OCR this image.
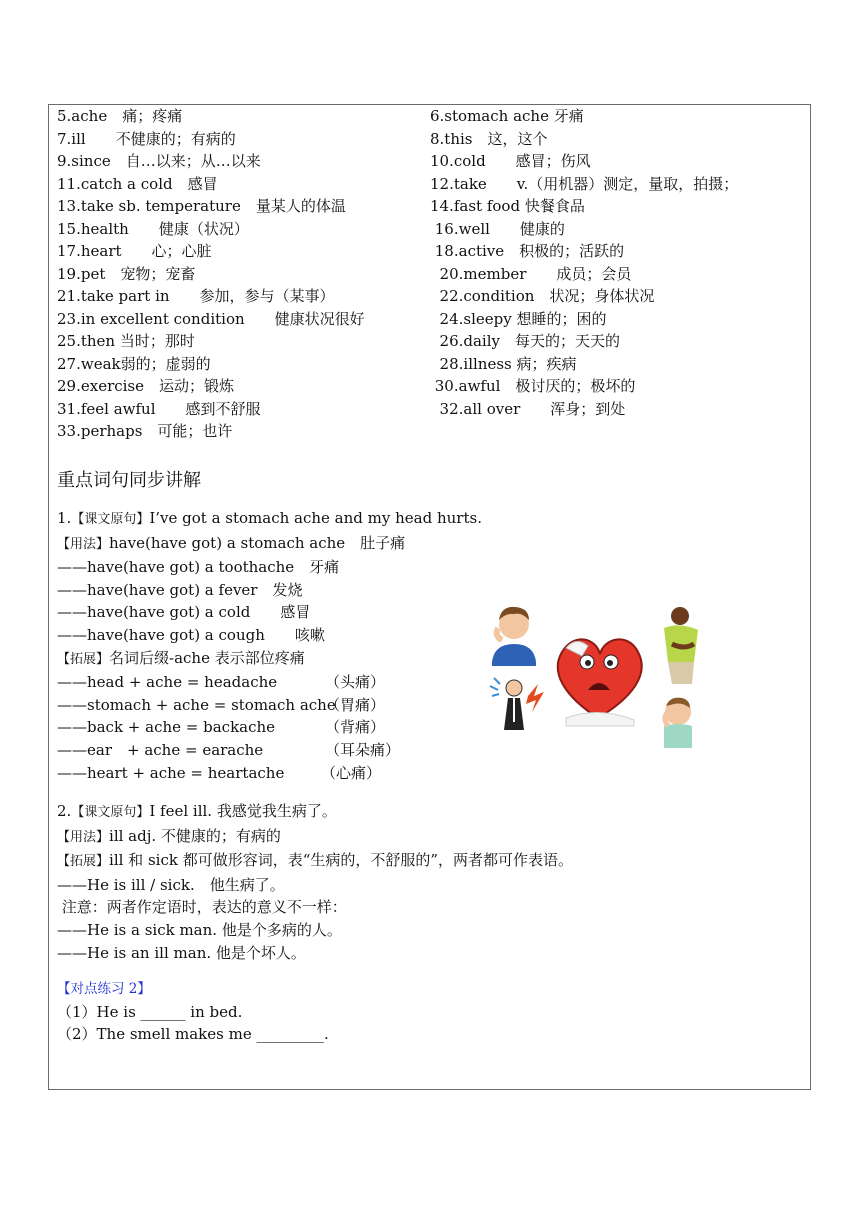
5.ache　痛；疼痛	6.stomach ache 牙痛
7.ill　　不健康的；有病的	8.this　这，这个
9.since　自…以来；从…以来	10.cold　　感冒；伤风
11.catch a cold　感冒	12.take　　v.（用机器）测定，量取，拍摄；
13.take sb. temperature　量某人的体温	14.fast food 快餐食品
15.health　　健康（状况）	16.well　　健康的
17.heart　　心；心脏	18.active　积极的；活跃的
19.pet　宠物；宠畜	20.member　　成员；会员
21.take part in　　参加，参与（某事）	22.condition　状况；身体状况
23.in excellent condition　　健康状况很好	24.sleepy 想睡的；困的
25.then 当时；那时	26.daily　每天的；天天的
27.weak弱的；虚弱的	28.illness 病；疾病
29.exercise　运动；锻炼	30.awful　极讨厌的；极坏的
31.feel awful　　感到不舒服	32.all over　　浑身；到处
33.perhaps　可能；也许
重点词句同步讲解
1.【课文原句】I’ve got a stomach ache and my head hurts.
【用法】have(have got) a stomach ache　肚子痛
——have(have got) a toothache　牙痛
——have(have got) a fever　发烧
——have(have got) a cold　　感冒
——have(have got) a cough　　咳嗽
【拓展】名词后缀-ache 表示部位疼痛
——head + ache = headache	（头痛）
——stomach + ache = stomach ache（胃痛）
——back + ache = backache	（背痛）
——ear　+ ache = earache	（耳朵痛）
——heart + ache = heartache （心痛）
2.【课文原句】I feel ill. 我感觉我生病了。
【用法】ill adj. 不健康的；有病的
【拓展】ill 和 sick 都可做形容词，表“生病的，不舒服的”，两者都可作表语。
——He is ill / sick.　他生病了。
注意：两者作定语时，表达的意义不一样：
——He is a sick man. 他是个多病的人。
——He is an ill man. 他是个坏人。
【对点练习 2】
（1）He is ______ in bed.
（2）The smell makes me _________.
